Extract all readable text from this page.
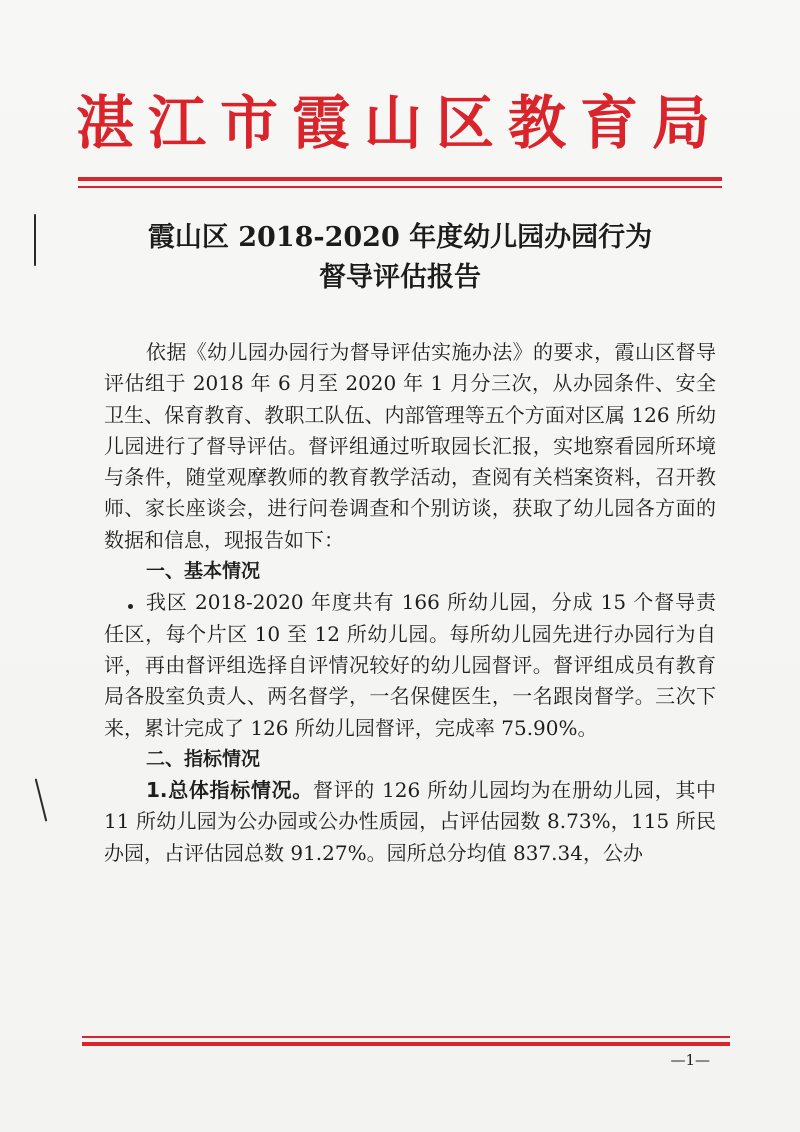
湛江市霞山区教育局
霞山区 2018-2020 年度幼儿园办园行为
督导评估报告

依据《幼儿园办园行为督导评估实施办法》的要求，霞山区督导评估组于 2018 年 6 月至 2020 年 1 月分三次，从办园条件、安全卫生、保育教育、教职工队伍、内部管理等五个方面对区属 126 所幼儿园进行了督导评估。督评组通过听取园长汇报，实地察看园所环境与条件，随堂观摩教师的教育教学活动，查阅有关档案资料，召开教师、家长座谈会，进行问卷调查和个别访谈，获取了幼儿园各方面的数据和信息，现报告如下：

一、基本情况

我区 2018-2020 年度共有 166 所幼儿园，分成 15 个督导责任区，每个片区 10 至 12 所幼儿园。每所幼儿园先进行办园行为自评，再由督评组选择自评情况较好的幼儿园督评。督评组成员有教育局各股室负责人、两名督学，一名保健医生，一名跟岗督学。三次下来，累计完成了 126 所幼儿园督评，完成率 75.90%。

二、指标情况

1.总体指标情况。督评的 126 所幼儿园均为在册幼儿园，其中 11 所幼儿园为公办园或公办性质园，占评估园数 8.73%，115 所民办园，占评估园总数 91.27%。园所总分均值 837.34，公办

—1—
